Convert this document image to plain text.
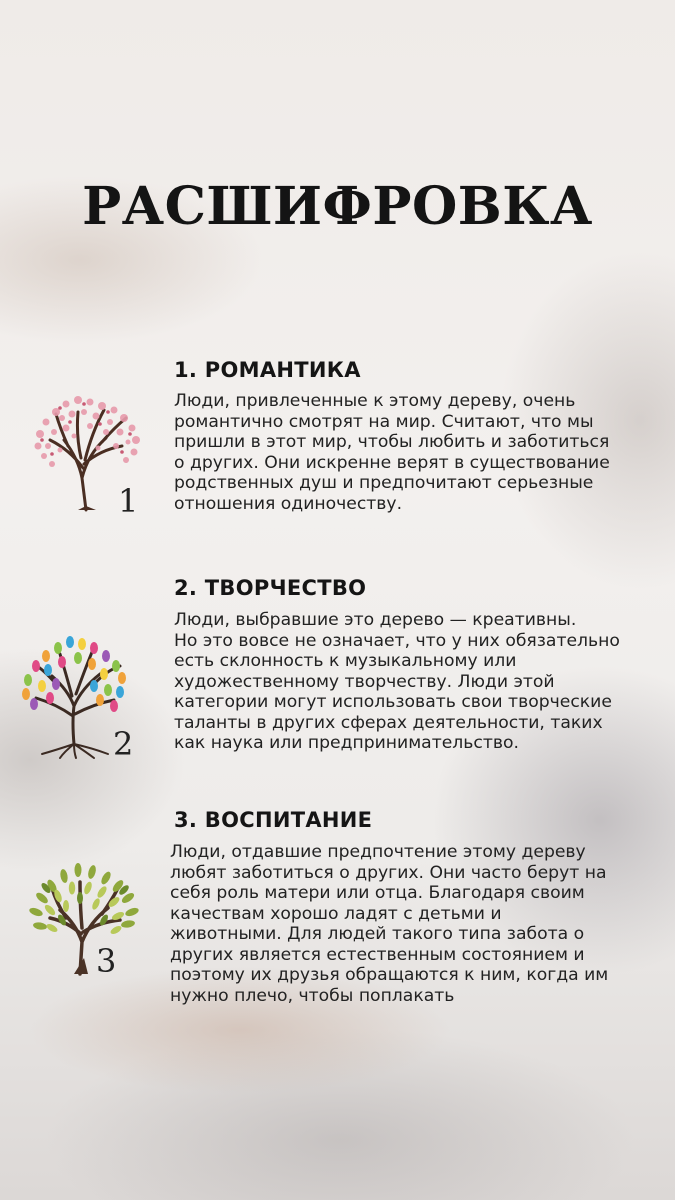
РАСШИФРОВКА
1
1. РОМАНТИКА

Люди, привлеченные к этому дереву, очень

романтично смотрят на мир. Считают, что мы

пришли в этот мир, чтобы любить и заботиться

о других. Они искренне верят в существование

родственных душ и предпочитают серьезные

отношения одиночеству.

2
2. ТВОРЧЕСТВО

Люди, выбравшие это дерево — креативны.

Но это вовсе не означает, что у них обязательно

есть склонность к музыкальному или

художественному творчеству. Люди этой

категории могут использовать свои творческие

таланты в других сферах деятельности, таких

как наука или предпринимательство.

3
3. ВОСПИТАНИЕ

Люди, отдавшие предпочтение этому дереву

любят заботиться о других. Они часто берут на

себя роль матери или отца. Благодаря своим

качествам хорошо ладят с детьми и

животными. Для людей такого типа забота о

других является естественным состоянием и

поэтому их друзья обращаются к ним, когда им

нужно плечо, чтобы поплакать
